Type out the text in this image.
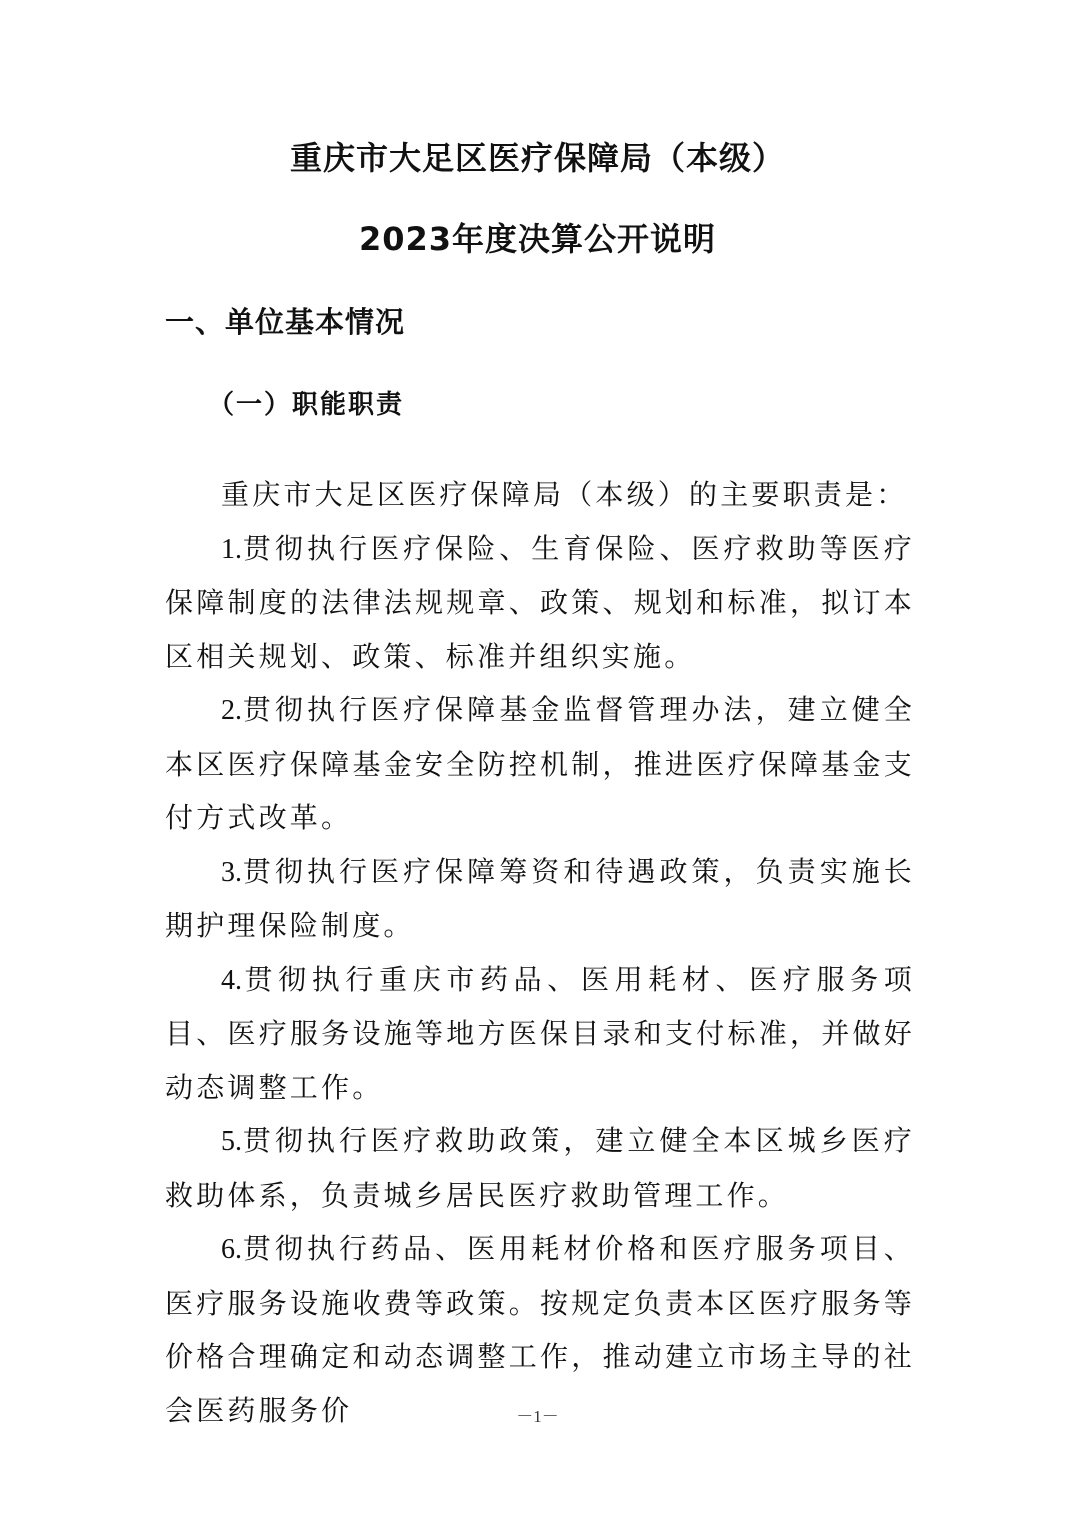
重庆市大足区医疗保障局（本级）
2023年度决算公开说明
一、单位基本情况
（一）职能职责

重庆市大足区医疗保障局（本级）的主要职责是：

1.贯彻执行医疗保险、生育保险、医疗救助等医疗保障制度的法律法规规章、政策、规划和标准，拟订本区相关规划、政策、标准并组织实施。

2.贯彻执行医疗保障基金监督管理办法，建立健全本区医疗保障基金安全防控机制，推进医疗保障基金支付方式改革。

3.贯彻执行医疗保障筹资和待遇政策，负责实施长期护理保险制度。

4.贯彻执行重庆市药品、医用耗材、医疗服务项目、医疗服务设施等地方医保目录和支付标准，并做好动态调整工作。

5.贯彻执行医疗救助政策，建立健全本区城乡医疗救助体系，负责城乡居民医疗救助管理工作。

6.贯彻执行药品、医用耗材价格和医疗服务项目、医疗服务设施收费等政策。按规定负责本区医疗服务等价格合理确定和动态调整工作，推动建立市场主导的社会医药服务价	－1－
